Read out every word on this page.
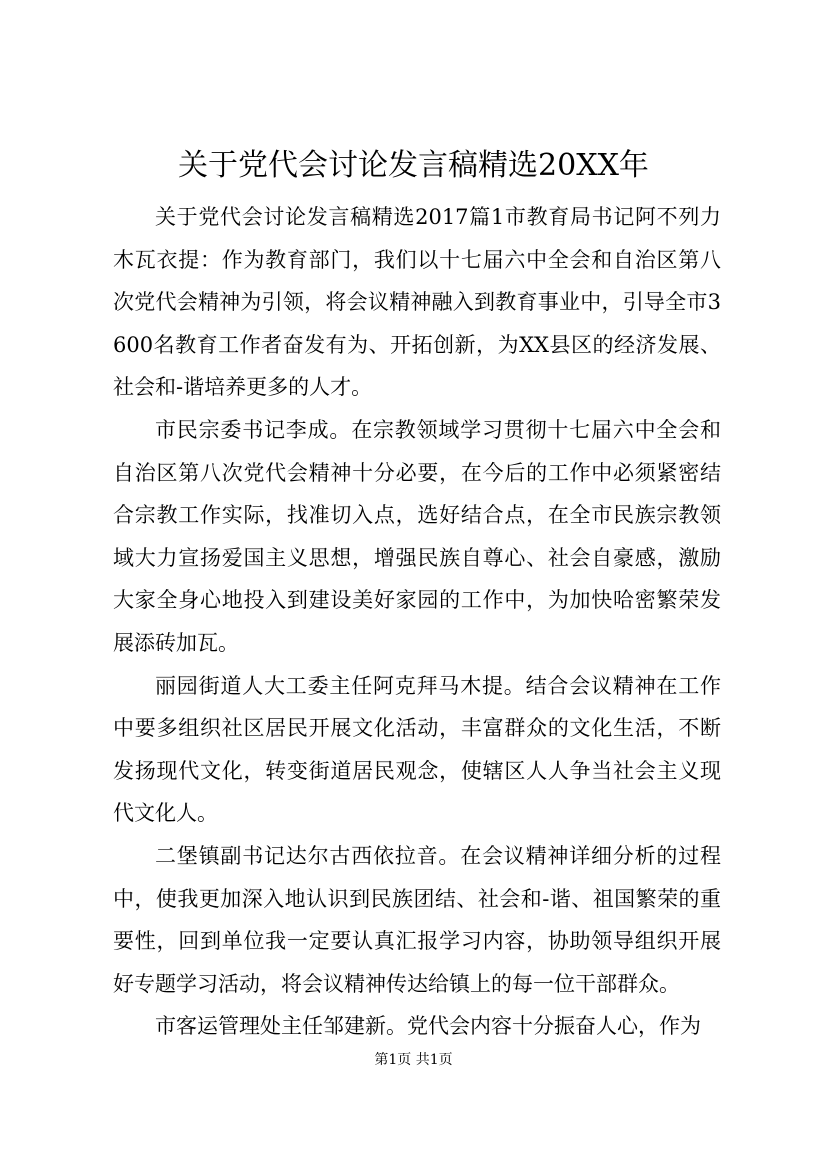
关于党代会讨论发言稿精选20XX年

关于党代会讨论发言稿精选2017篇1市教育局书记阿不列力木瓦衣提：作为教育部门，我们以十七届六中全会和自治区第八次党代会精神为引领，将会议精神融入到教育事业中，引导全市3600名教育工作者奋发有为、开拓创新，为XX县区的经济发展、社会和-谐培养更多的人才。

市民宗委书记李成。在宗教领域学习贯彻十七届六中全会和自治区第八次党代会精神十分必要，在今后的工作中必须紧密结合宗教工作实际，找准切入点，选好结合点，在全市民族宗教领域大力宣扬爱国主义思想，增强民族自尊心、社会自豪感，激励大家全身心地投入到建设美好家园的工作中，为加快哈密繁荣发展添砖加瓦。

丽园街道人大工委主任阿克拜马木提。结合会议精神在工作中要多组织社区居民开展文化活动，丰富群众的文化生活，不断发扬现代文化，转变街道居民观念，使辖区人人争当社会主义现代文化人。

二堡镇副书记达尔古西依拉音。在会议精神详细分析的过程中，使我更加深入地认识到民族团结、社会和-谐、祖国繁荣的重要性，回到单位我一定要认真汇报学习内容，协助领导组织开展好专题学习活动，将会议精神传达给镇上的每一位干部群众。

市客运管理处主任邹建新。党代会内容十分振奋人心，作为

第1页 共1页
